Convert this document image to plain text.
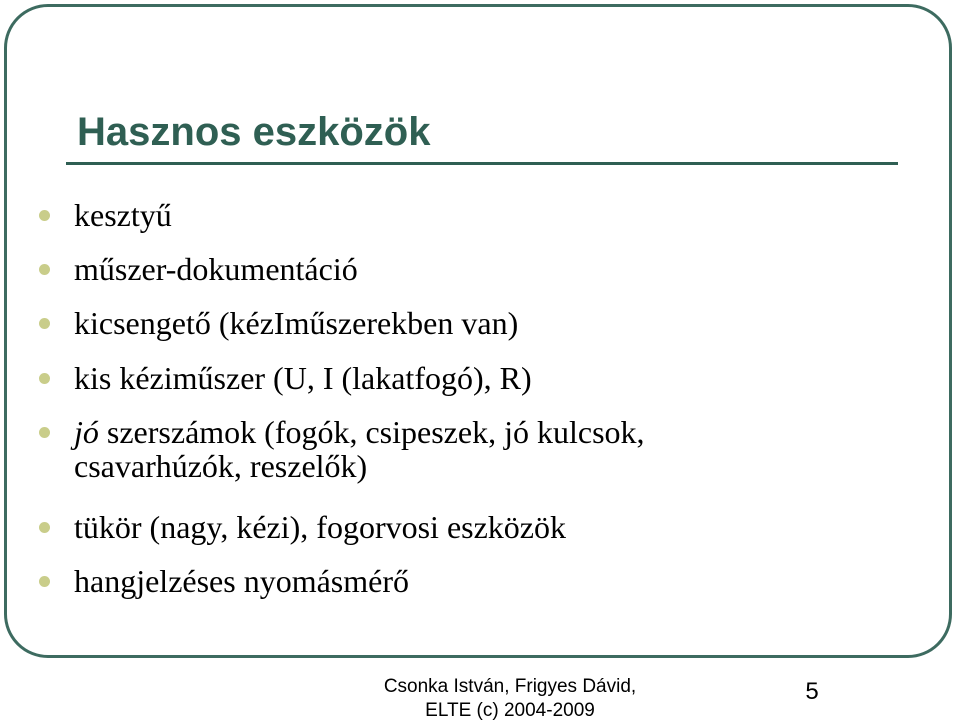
Hasznos eszközök
kesztyű
műszer-dokumentáció
kicsengető (kézIműszerekben van)
kis kéziműszer (U, I (lakatfogó), R)
jó szerszámok (fogók, csipeszek, jó kulcsok, csavarhúzók, reszelők)
tükör (nagy, kézi), fogorvosi eszközök
hangjelzéses nyomásmérő
Csonka István, Frigyes Dávid,
ELTE (c) 2004-2009
5
